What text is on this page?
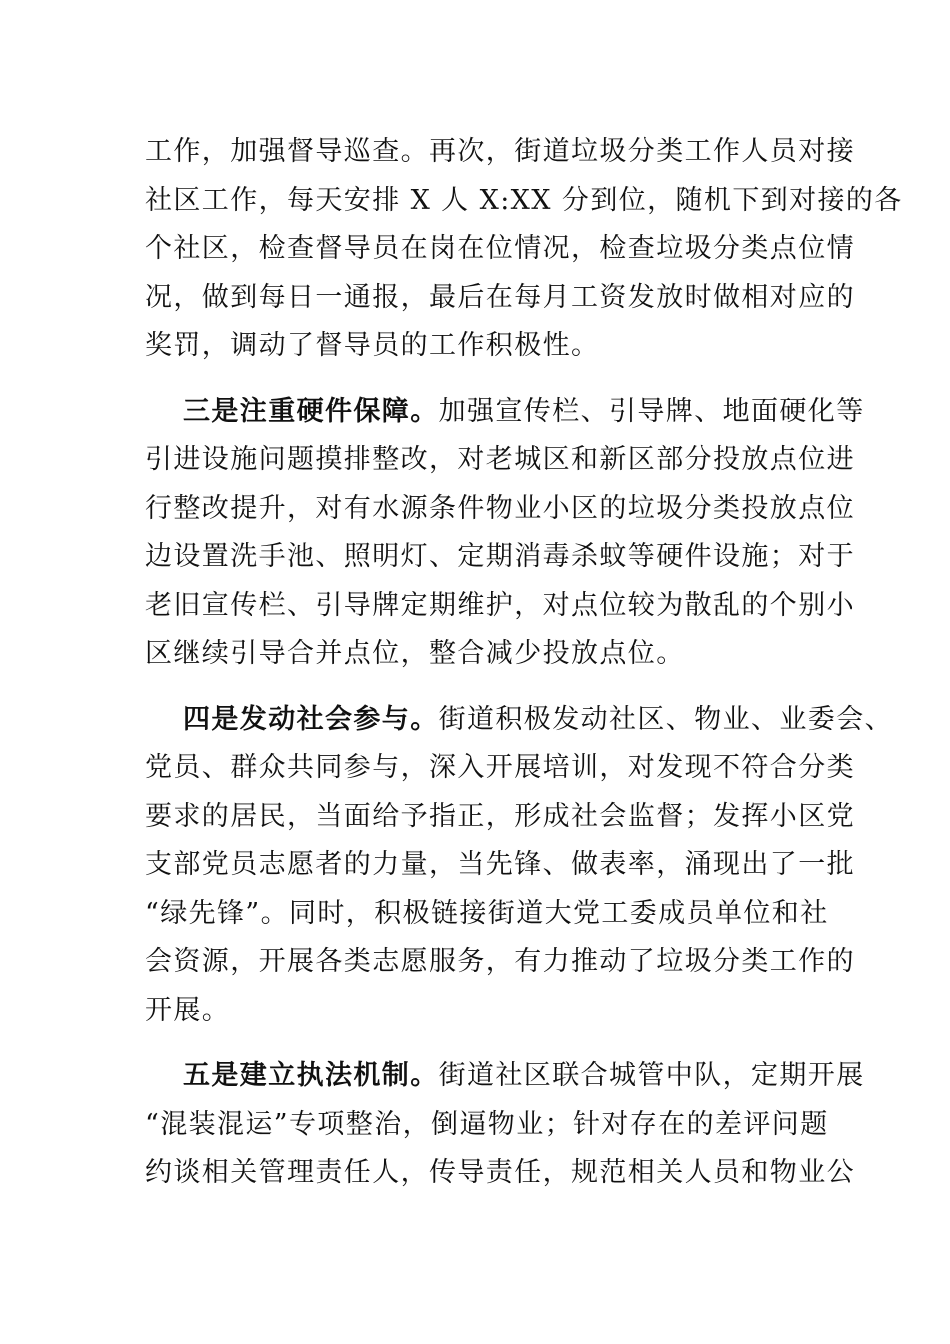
工作，加强督导巡查。再次，街道垃圾分类工作人员对接
社区工作，每天安排 X 人 X:XX 分到位，随机下到对接的各
个社区，检查督导员在岗在位情况，检查垃圾分类点位情
况，做到每日一通报，最后在每月工资发放时做相对应的
奖罚，调动了督导员的工作积极性。
三是注重硬件保障。加强宣传栏、引导牌、地面硬化等
引进设施问题摸排整改，对老城区和新区部分投放点位进
行整改提升，对有水源条件物业小区的垃圾分类投放点位
边设置洗手池、照明灯、定期消毒杀蚊等硬件设施；对于
老旧宣传栏、引导牌定期维护，对点位较为散乱的个别小
区继续引导合并点位，整合减少投放点位。
四是发动社会参与。街道积极发动社区、物业、业委会、
党员、群众共同参与，深入开展培训，对发现不符合分类
要求的居民，当面给予指正，形成社会监督；发挥小区党
支部党员志愿者的力量，当先锋、做表率，涌现出了一批
“绿先锋”。同时，积极链接街道大党工委成员单位和社
会资源，开展各类志愿服务，有力推动了垃圾分类工作的
开展。
五是建立执法机制。街道社区联合城管中队，定期开展
“混装混运”专项整治，倒逼物业；针对存在的差评问题
约谈相关管理责任人，传导责任，规范相关人员和物业公
